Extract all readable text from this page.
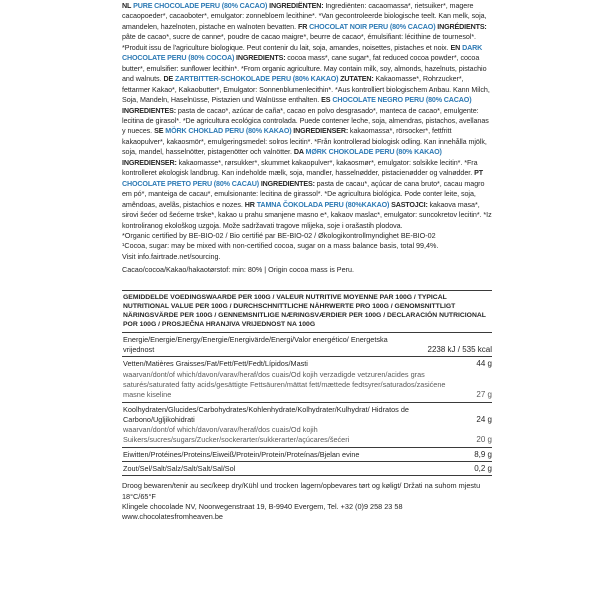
NL PURE CHOCOLADE PERU (80% CACAO) INGREDIËNTEN: Ingrediënten: cacaomassa*, rietsuiker*, magere cacaopoeder*, cacaoboter*, emulgator: zonnebloem lecithine*. *Van gecontroleerde biologische teelt. Kan melk, soja, amandelen, hazelnoten, pistache en walnoten bevatten. FR CHOCOLAT NOIR PERU (80% CACAO) INGRÉDIENTS: pâte de cacao*, sucre de canne*, poudre de cacao maigre*, beurre de cacao*, émulsifiant: lécithine de tournesol*. *Produit issu de l'agriculture biologique. Peut contenir du lait, soja, amandes, noisettes, pistaches et noix. EN DARK CHOCOLATE PERU (80% COCOA) INGREDIENTS: cocoa mass*, cane sugar*, fat reduced cocoa powder*, cocoa butter*, emulsifier: sunflower lecithin*. *From organic agriculture. May contain milk, soy, almonds, hazelnuts, pistachio and walnuts. DE ZARTBITTER-SCHOKOLADE PERU (80% KAKAO) ZUTATEN: Kakaomasse*, Rohrzucker*, fettarmer Kakao*, Kakaobutter*, Emulgator: Sonnenblumenlecithin*. *Aus kontrolliert biologischem Anbau. Kann Milch, Soja, Mandeln, Haselnüsse, Pistazien und Walnüsse enthalten. ES CHOCOLATE NEGRO PERU (80% CACAO) INGREDIENTES: pasta de cacao*, azúcar de caña*, cacao en polvo desgrasado*, manteca de cacao*, emulgente: lecitina de girasol*. *De agricultura ecológica controlada. Puede contener leche, soja, almendras, pistachos, avellanas y nueces. SE MÖRK CHOKLAD PERU (80% KAKAO) INGREDIENSER: kakaomassa*, rörsocker*, fettfritt kakaopulver*, kakaosmör*, emulgeringsmedel: solros lecitin*. *Från kontrollerad biologisk odling. Kan innehålla mjölk, soja, mandel, hasselnötter, pistagenötter och valnötter. DA MØRK CHOKOLADE PERU (80% KAKAO) INGREDIENSER: kakaomasse*, rørsukker*, skummet kakaopulver*, kakaosmør*, emulgator: solsikke lecitin*. *Fra kontrolleret økologisk landbrug. Kan indeholde mælk, soja, mandler, hasselnødder, pistacienødder og valnødder. PT CHOCOLATE PRETO PERU (80% CACAU) INGREDIENTES: pasta de cacau*, açúcar de cana bruto*, cacau magro em pó*, manteiga de cacau*, emulsionante: lecitina de girassol*. *De agricultura biológica. Pode conter leite, soja, amêndoas, avelãs, pistachios e nozes. HR TAMNA ČOKOLADA PERU (80%KAKAO) SASTOJCI: kakaova masa*, sirovi šećer od šećerne trske*, kakao u prahu smanjene masno e*, kakaov maslac*, emulgator: suncokretov lecitin*. *Iz kontroliranog ekološkog uzgoja. Može sadržavati tragove mlijeka, soje i orašastih plodova.
*Organic certified by BE-BIO-02 / Bio certifié par BE-BIO-02 / Økologikontrollmyndighet BE-BIO-02
¹Cocoa, sugar: may be mixed with non-certified cocoa, sugar on a mass balance basis, total 99,4%.
Visit info.fairtrade.net/sourcing.
Cacao/cocoa/Kakao/hakaotørstof: min: 80% | Origin cocoa mass is Peru.
GEMIDDELDE VOEDINGSWAARDE PER 100G / VALEUR NUTRITIVE MOYENNE PAR 100G / TYPICAL NUTRITIONAL VALUE PER 100G / DURCHSCHNITTLICHE NÄHRWERTE PRO 100G / GENOMSNITTLIGT NÄRINGSVÄRDE PER 100G / GENNEMSNITLIGE NÆRINGSVÆRDIER PER 100G / DECLARACIÓN NUTRICIONAL POR 100G / PROSJEČNA HRANJIVA VRIJEDNOST NA 100G
Energie/Energie/Energy/Energie/Energivärde/Energi/Valor energético/ Energetska vrijednost	2238 kJ / 535 kcal
Vetten/Matières Graisses/Fat/Fett/Fett/Fedt/Lípidos/Masti	44 g
waarvan/dont/of which/davon/varav/heraf/dos cuais/Od kojih verzadigde vetzuren/acides gras saturés/saturated fatty acids/gesättigte Fettsäuren/mättat fett/mættede fedtsyrer/saturados/zasićene masne kiseline	27 g
Koolhydraten/Glucides/Carbohydrates/Kohlenhydrate/Kolhydrater/Kulhydrat/ Hidratos de Carbono/Ugljikohidrati	24 g
waarvan/dont/of which/davon/varav/heraf/dos cuais/Od kojih Suikers/sucres/sugars/Zucker/sockerarter/sukkerarter/açúcares/šećeri	20 g
Eiwitten/Protéines/Proteins/Eiweiß/Protein/Protein/Proteínas/Bjelan evine	8,9 g
Zout/Sel/Salt/Salz/Salt/Salt/Sal/Sol	0,2 g
Droog bewaren/tenir au sec/keep dry/Kühl und trocken lagern/opbevares tørt og køligt/ Držati na suhom mjestu 18°C/65°F
Klingele chocolade NV, Noorwegenstraat 19, B-9940 Evergem, Tel. +32 (0)9 258 23 58
www.chocolatesfromheaven.be
